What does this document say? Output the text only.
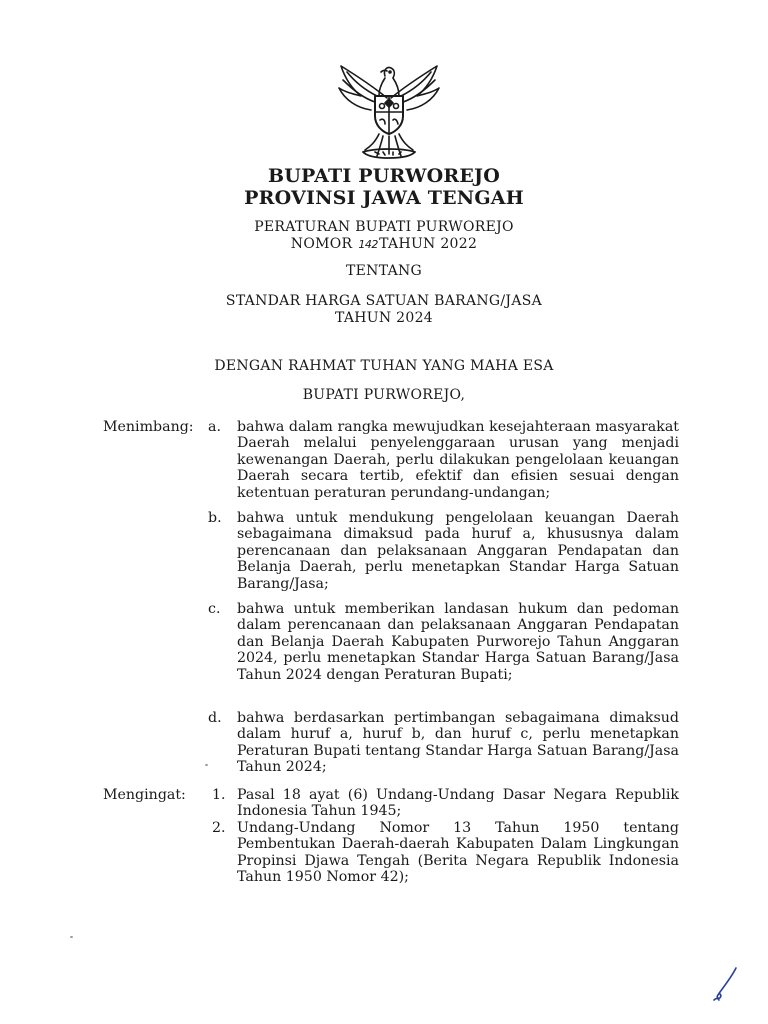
BUPATI PURWOREJO
PROVINSI JAWA TENGAH
PERATURAN BUPATI PURWOREJO
NOMOR 142TAHUN 2022
TENTANG
STANDAR HARGA SATUAN BARANG/JASA
TAHUN 2024
DENGAN RAHMAT TUHAN YANG MAHA ESA
BUPATI PURWOREJO,
Menimbang: a. bahwa dalam rangka mewujudkan kesejahteraan masyarakat Daerah melalui penyelenggaraan urusan yang menjadi kewenangan Daerah, perlu dilakukan pengelolaan keuangan Daerah secara tertib, efektif dan efisien sesuai dengan ketentuan peraturan perundang-undangan;
b. bahwa untuk mendukung pengelolaan keuangan Daerah sebagaimana dimaksud pada huruf a, khususnya dalam perencanaan dan pelaksanaan Anggaran Pendapatan dan Belanja Daerah, perlu menetapkan Standar Harga Satuan Barang/Jasa;
c. bahwa untuk memberikan landasan hukum dan pedoman dalam perencanaan dan pelaksanaan Anggaran Pendapatan dan Belanja Daerah Kabupaten Purworejo Tahun Anggaran 2024, perlu menetapkan Standar Harga Satuan Barang/Jasa Tahun 2024 dengan Peraturan Bupati;
d. bahwa berdasarkan pertimbangan sebagaimana dimaksud dalam huruf a, huruf b, dan huruf c, perlu menetapkan Peraturan Bupati tentang Standar Harga Satuan Barang/Jasa Tahun 2024;
Mengingat: 1. Pasal 18 ayat (6) Undang-Undang Dasar Negara Republik Indonesia Tahun 1945;
2. Undang-Undang Nomor 13 Tahun 1950 tentang Pembentukan Daerah-daerah Kabupaten Dalam Lingkungan Propinsi Djawa Tengah (Berita Negara Republik Indonesia Tahun 1950 Nomor 42);
